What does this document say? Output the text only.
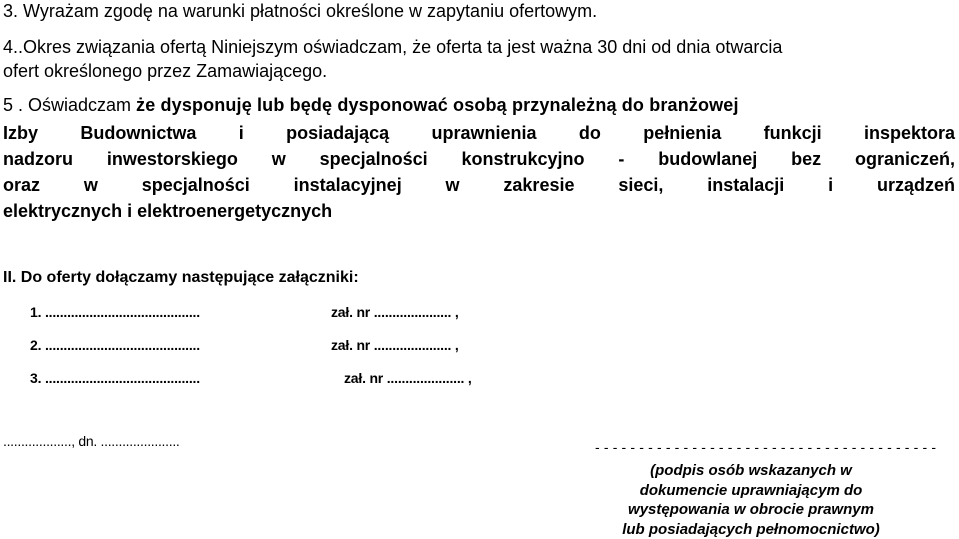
3. Wyrażam zgodę na warunki płatności określone w zapytaniu ofertowym.
4..Okres związania ofertą Niniejszym oświadczam, że oferta ta jest ważna 30 dni od dnia otwarcia
ofert określonego przez Zamawiającego.
5 . Oświadczam że dysponuję lub będę dysponować osobą przynależną do branżowej
Izby Budownictwa i posiadającą uprawnienia do pełnienia funkcji inspektora
nadzoru inwestorskiego w specjalności konstrukcyjno - budowlanej bez ograniczeń,
oraz w specjalności instalacyjnej w zakresie sieci, instalacji i urządzeń
elektrycznych i elektroenergetycznych
II. Do oferty dołączamy następujące załączniki:
1. ..........................................	zał. nr ..................... ,
2. ..........................................	zał. nr ..................... ,
3. ..........................................	zał. nr ..................... ,
..................., dn. ......................	- - - - - - - - - - - - - - - - - - - - - - - - - - - - - - - - - - - - - - -
(podpis osób wskazanych w
dokumencie uprawniającym do
występowania w obrocie prawnym
lub posiadających pełnomocnictwo)
